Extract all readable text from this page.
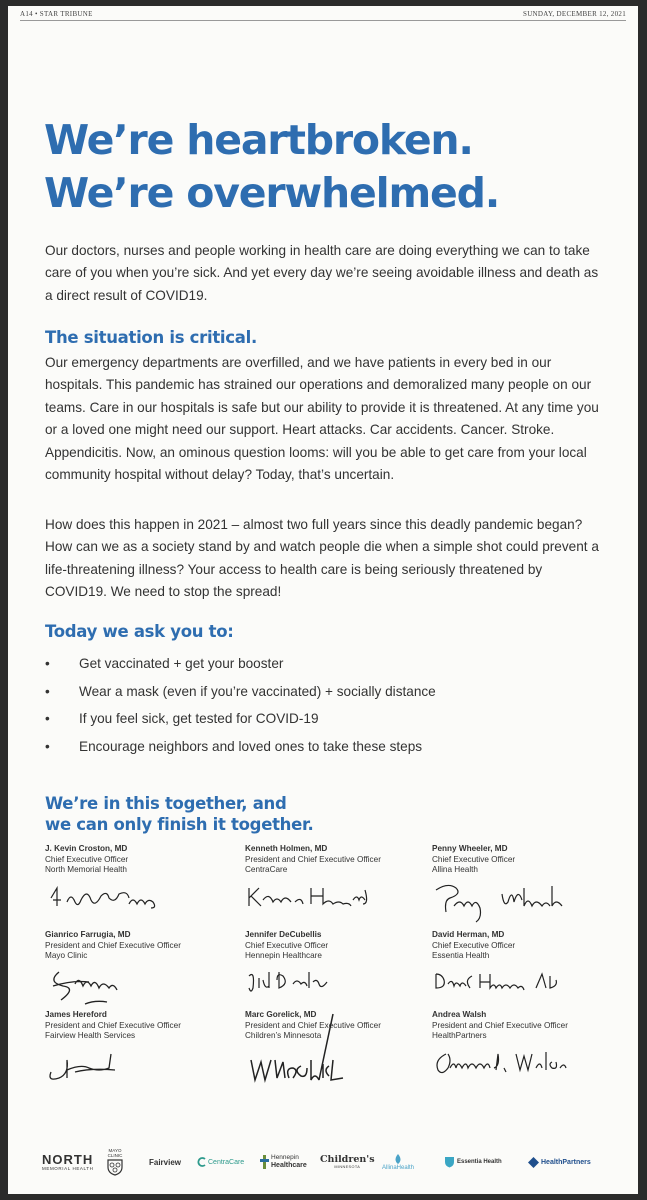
A14 • STAR TRIBUNE	SUNDAY, DECEMBER 12, 2021
We’re heartbroken.
We’re overwhelmed.

Our doctors, nurses and people working in health care are doing everything we can to take care of you when you’re sick. And yet every day we’re seeing avoidable illness and death as a direct result of COVID19.

The situation is critical.

Our emergency departments are overfilled, and we have patients in every bed in our hospitals. This pandemic has strained our operations and demoralized many people on our teams. Care in our hospitals is safe but our ability to provide it is threatened. At any time you or a loved one might need our support. Heart attacks. Car accidents. Cancer. Stroke. Appendicitis. Now, an ominous question looms: will you be able to get care from your local community hospital without delay? Today, that’s uncertain.

How does this happen in 2021 – almost two full years since this deadly pandemic began? How can we as a society stand by and watch people die when a simple shot could prevent a life-threatening illness? Your access to health care is being seriously threatened by COVID19. We need to stop the spread!

Today we ask you to:
• Get vaccinated + get your booster
• Wear a mask (even if you’re vaccinated) + socially distance
• If you feel sick, get tested for COVID-19
• Encourage neighbors and loved ones to take these steps
We’re in this together, and
we can only finish it together.
J. Kevin Croston, MD
Chief Executive Officer
North Memorial Health
Kenneth Holmen, MD
President and Chief Executive Officer
CentraCare
Penny Wheeler, MD
Chief Executive Officer
Allina Health
Gianrico Farrugia, MD
President and Chief Executive Officer
Mayo Clinic
Jennifer DeCubellis
Chief Executive Officer
Hennepin Healthcare
David Herman, MD
Chief Executive Officer
Essentia Health
James Hereford
President and Chief Executive Officer
Fairview Health Services
Marc Gorelick, MD
President and Chief Executive Officer
Children’s Minnesota
Andrea Walsh
President and Chief Executive Officer
HealthPartners
NORTH
MEMORIAL HEALTH
MAYO CLINIC
Fairview	CentraCare
Hennepin
Healthcare
Children's
MINNESOTA	AllinaHealth
Essentia Health	HealthPartners
